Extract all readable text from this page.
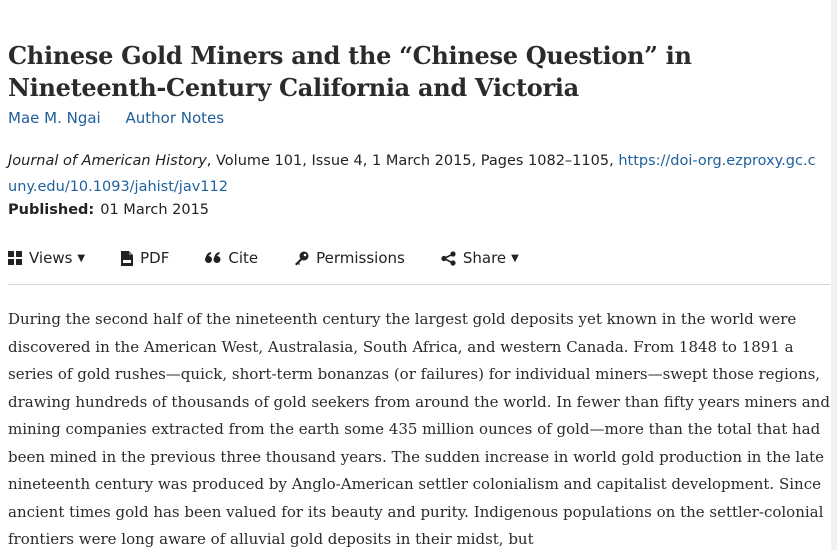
Chinese Gold Miners and the “Chinese Question” in Nineteenth-Century California and Victoria
Mae M. Ngai Author Notes
Journal of American History, Volume 101, Issue 4, 1 March 2015, Pages 1082–1105, https://doi-org.ezproxy.gc.cuny.edu/10.1093/jahist/jav112
Published: 01 March 2015
Views ▼	PDF	Cite	Permissions	Share ▼

During the second half of the nineteenth century the largest gold deposits yet known in the world were discovered in the American West, Australasia, South Africa, and western Canada. From 1848 to 1891 a series of gold rushes—quick, short-term bonanzas (or failures) for individual miners—swept those regions, drawing hundreds of thousands of gold seekers from around the world. In fewer than fifty years miners and mining companies extracted from the earth some 435 million ounces of gold—more than the total that had been mined in the previous three thousand years. The sudden increase in world gold production in the late nineteenth century was produced by Anglo-American settler colonialism and capitalist development. Since ancient times gold has been valued for its beauty and purity. Indigenous populations on the settler-colonial frontiers were long aware of alluvial gold deposits in their midst, but
